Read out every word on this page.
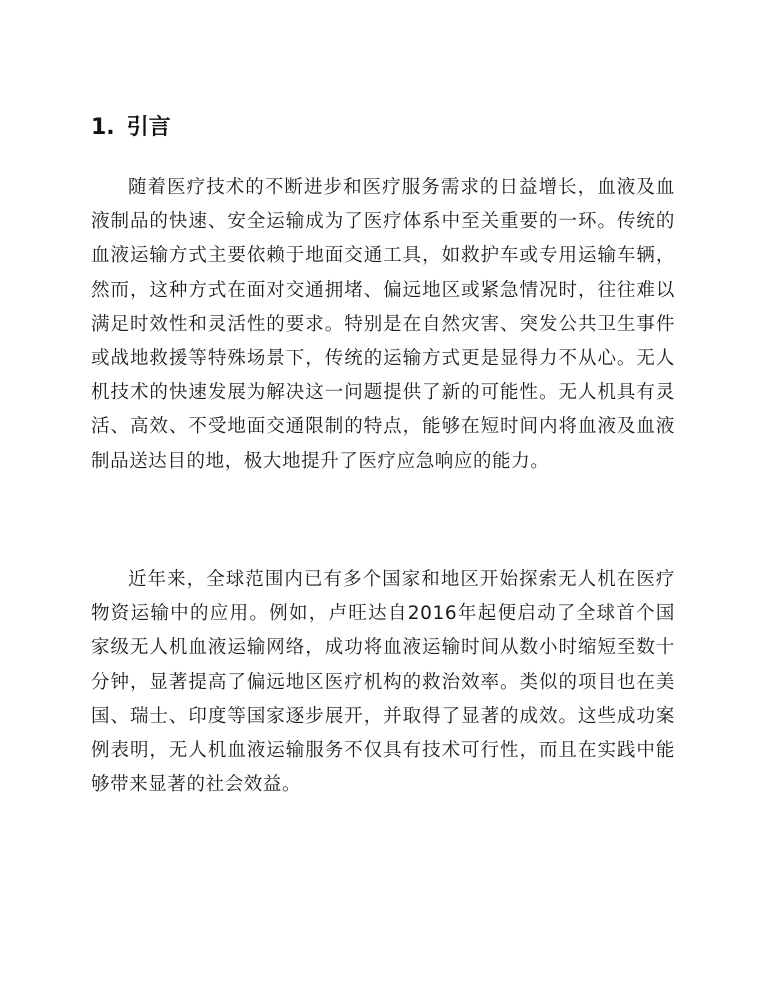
1. 引言

随着医疗技术的不断进步和医疗服务需求的日益增长，血液及血液制品的快速、安全运输成为了医疗体系中至关重要的一环。传统的血液运输方式主要依赖于地面交通工具，如救护车或专用运输车辆，然而，这种方式在面对交通拥堵、偏远地区或紧急情况时，往往难以满足时效性和灵活性的要求。特别是在自然灾害、突发公共卫生事件或战地救援等特殊场景下，传统的运输方式更是显得力不从心。无人机技术的快速发展为解决这一问题提供了新的可能性。无人机具有灵活、高效、不受地面交通限制的特点，能够在短时间内将血液及血液制品送达目的地，极大地提升了医疗应急响应的能力。

近年来，全球范围内已有多个国家和地区开始探索无人机在医疗物资运输中的应用。例如，卢旺达自2016年起便启动了全球首个国家级无人机血液运输网络，成功将血液运输时间从数小时缩短至数十分钟，显著提高了偏远地区医疗机构的救治效率。类似的项目也在美国、瑞士、印度等国家逐步展开，并取得了显著的成效。这些成功案例表明，无人机血液运输服务不仅具有技术可行性，而且在实践中能够带来显著的社会效益。
